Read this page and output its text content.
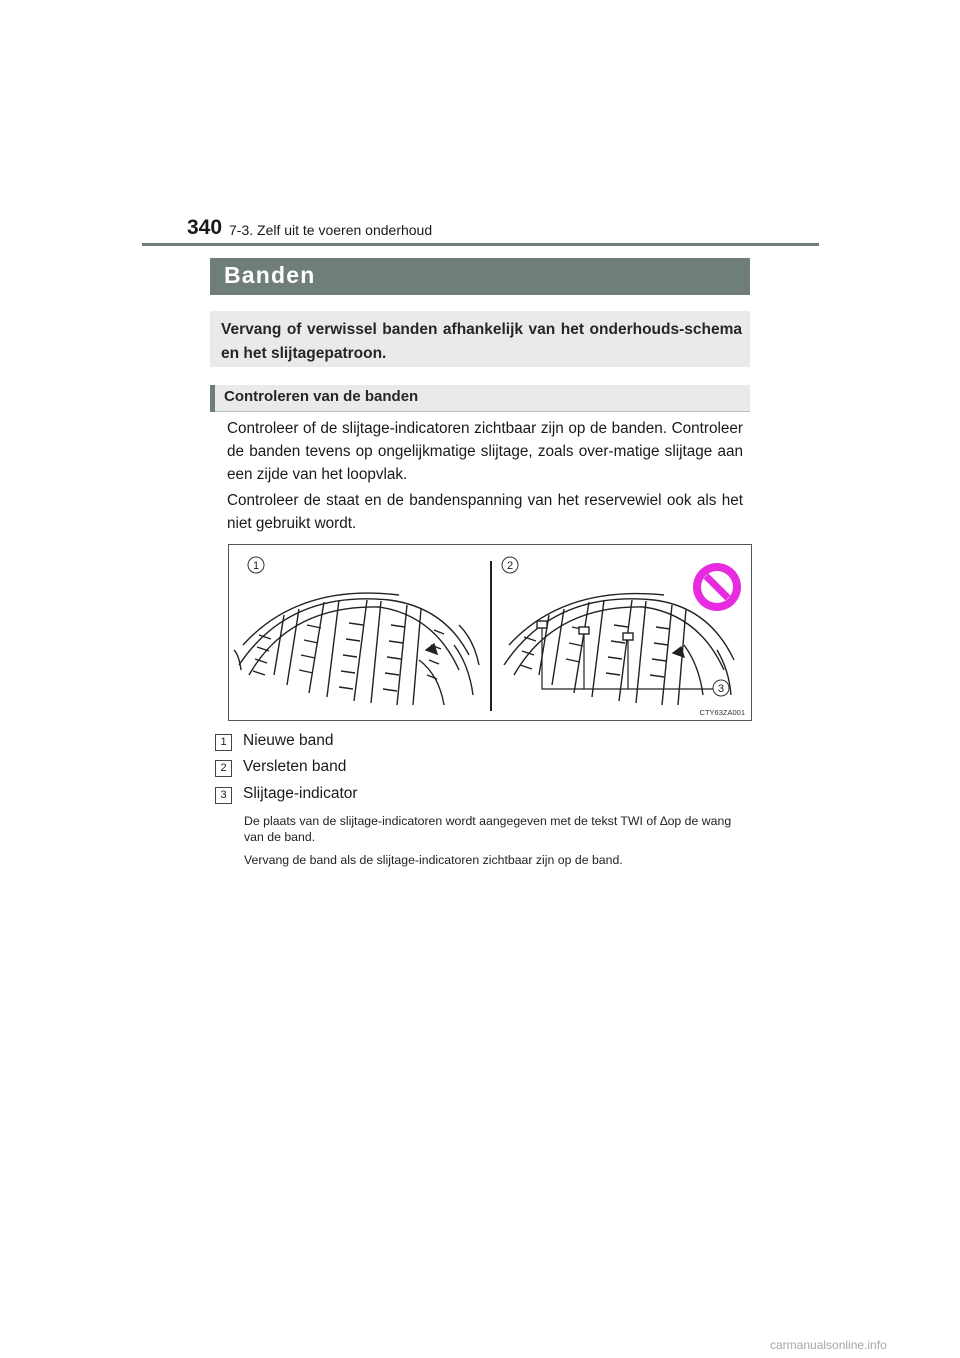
340 7-3. Zelf uit te voeren onderhoud
Banden
Vervang of verwissel banden afhankelijk van het onderhouds-schema en het slijtagepatroon.
Controleren van de banden
Controleer of de slijtage-indicatoren zichtbaar zijn op de banden. Controleer de banden tevens op ongelijkmatige slijtage, zoals over-matige slijtage aan een zijde van het loopvlak.
Controleer de staat en de bandenspanning van het reservewiel ook als het niet gebruikt wordt.
1	2
3
CTY63ZA001
1	Nieuwe band
2	Versleten band
3	Slijtage-indicator
De plaats van de slijtage-indicatoren wordt aangegeven met de tekst TWI of ∆op de wang van de band.
Vervang de band als de slijtage-indicatoren zichtbaar zijn op de band.
carmanualsonline.info
